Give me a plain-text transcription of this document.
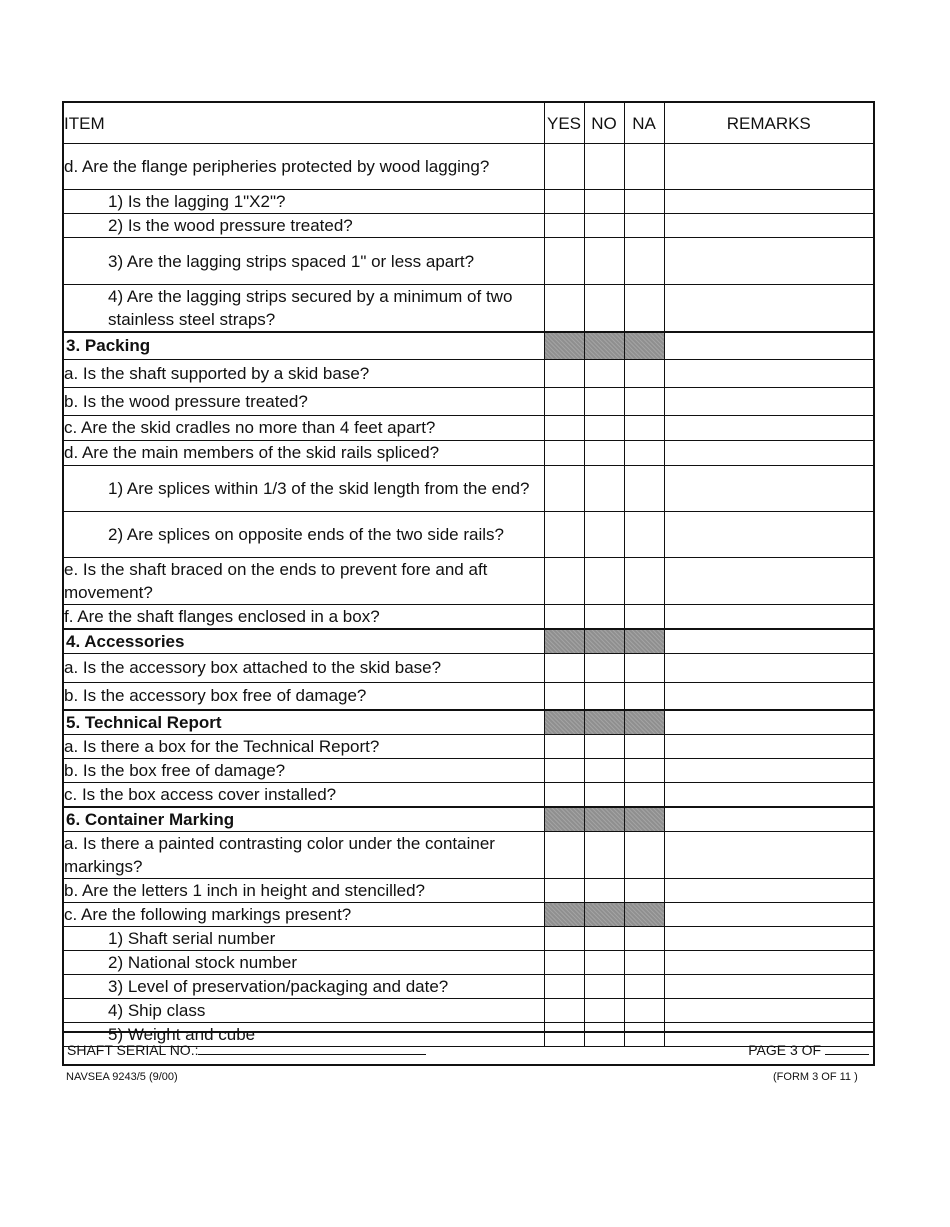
ITEM	YES	NO	NA	REMARKS
d. Are the flange peripheries protected by wood lagging?				
1) Is the lagging 1"X2"?				
2) Is the wood pressure treated?				
3) Are the lagging strips spaced 1" or less apart?				
4) Are the lagging strips secured by a minimum of two stainless steel straps?				
3. Packing				
a. Is the shaft supported by a skid base?				
b. Is the wood pressure treated?				
c. Are the skid cradles no more than 4 feet apart?				
d. Are the main members of the skid rails spliced?				
1) Are splices within 1/3 of the skid length from the end?				
2) Are splices on opposite ends of the two side rails?				
e. Is the shaft braced on the ends to prevent fore and aft movement?				
f. Are the shaft flanges enclosed in a box?				
4. Accessories				
a. Is the accessory box attached to the skid base?				
b. Is the accessory box free of damage?				
5. Technical Report				
a. Is there a box for the Technical Report?				
b. Is the box free of damage?				
c. Is the box access cover installed?				
6. Container Marking				
a. Is there a painted contrasting color under the container markings?				
b. Are the letters 1 inch in height and stencilled?				
c. Are the following markings present?				
1) Shaft serial number				
2) National stock number				
3) Level of preservation/packaging and date?				
4) Ship class				
5) Weight and cube				
SHAFT SERIAL NO.:	PAGE 3 OF
NAVSEA 9243/5 (9/00)	(FORM 3 OF 11 )
